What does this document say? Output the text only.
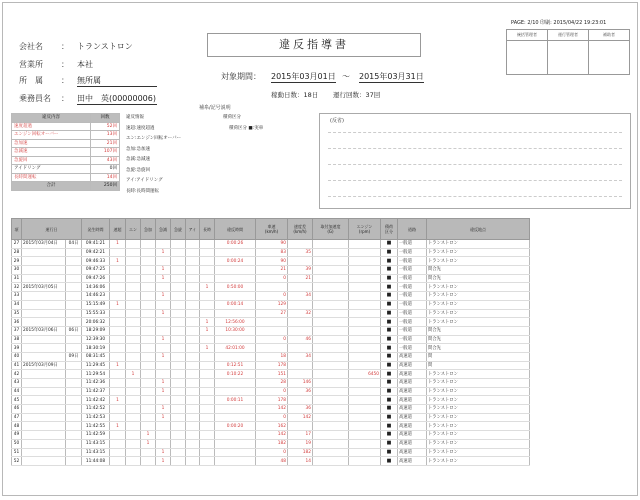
PAGE: 2/10 印刷: 2015/04/22 19:23:01
違反指導書
統括管理者	運行管理者	補助者

会社名 ： トランストロン
営業所 ： 本社
所　属 ： 無所属
乗務員名 ： 田中　英(00000006)
対象期間： 2015年03月01日 ～ 2015年03月31日
稼動日数：18日 運行回数：37回
補糸/記号説明
違反内容	回数
速度超過	52回
エンジン回転オーバー	13回
急加速	21回
急減速	107回
急旋回	43回
アイドリング	0回
長時間運転	14回
合計	250回
違反情報
速超:速度超過
エン:エンジン回転オーバー
急加:急加速
急減:急減速
急旋:急旋回
アイ:アイドリング
長時:長時間運転
積荷区分
積荷区分 ■:実車
(反省)
項	運行日		発生時間	速超	エン	急加	急減	急旋	アイ	長時	違反時間	車速
(km/h)	速度差
(km/h)	取付加速度
(G)	エンジン
(rpm)	積荷
区分	道路	違反地点
27	2015年03月04日	04日	09:41:21	1							0:00:26	90				■	一般道	トランストロン
28			09:42:21				1					83	35			■	一般道	トランストロン
29			09:46:33	1							0:00:24	90				■	一般道	トランストロン
30			09:47:25				1					21	39			■	一般道	問合先
31			09:47:26				1					0	21			■	一般道	問合先
32	2015年03月05日		14:36:06							1	0:50:00					■	一般道	トランストロン
33			14:46:23				1					0	34			■	一般道	トランストロン
34			15:15:49	1							0:00:14	129				■	一般道	トランストロン
35			15:55:33				1					27	32			■	一般道	トランストロン
36			20:06:32							1	12:56:00					■	一般道	トランストロン
37	2015年03月06日	06日	18:29:09							1	10:30:00					■	一般道	問合先
38			12:39:30				1					0	46			■	一般道	問合先
39			18:30:19							1	42:01:00					■	一般道	問合先
40		09日	08:31:45				1					18	34			■	高速道	問
41	2015年03月09日		11:29:45	1							0:12:51	178				■	高速道	問
42			11:29:54		1						0:10:22	151			6450	■	高速道	トランストロン
43			11:42:36				1					28	146			■	高速道	トランストロン
44			11:42:37				1					0	36			■	高速道	トランストロン
45			11:42:42	1							0:00:11	178				■	高速道	トランストロン
46			11:42:52				1					142	36			■	高速道	トランストロン
47			11:42:53				1					0	142			■	高速道	トランストロン
48			11:42:55	1							0:00:20	162				■	高速道	トランストロン
49			11:42:59			1						142	17			■	高速道	トランストロン
50			11:43:15			1						182	19			■	高速道	トランストロン
51			11:43:15				1					0	182			■	高速道	トランストロン
52			11:44:08				1					48	14			■	高速道	トランストロン
